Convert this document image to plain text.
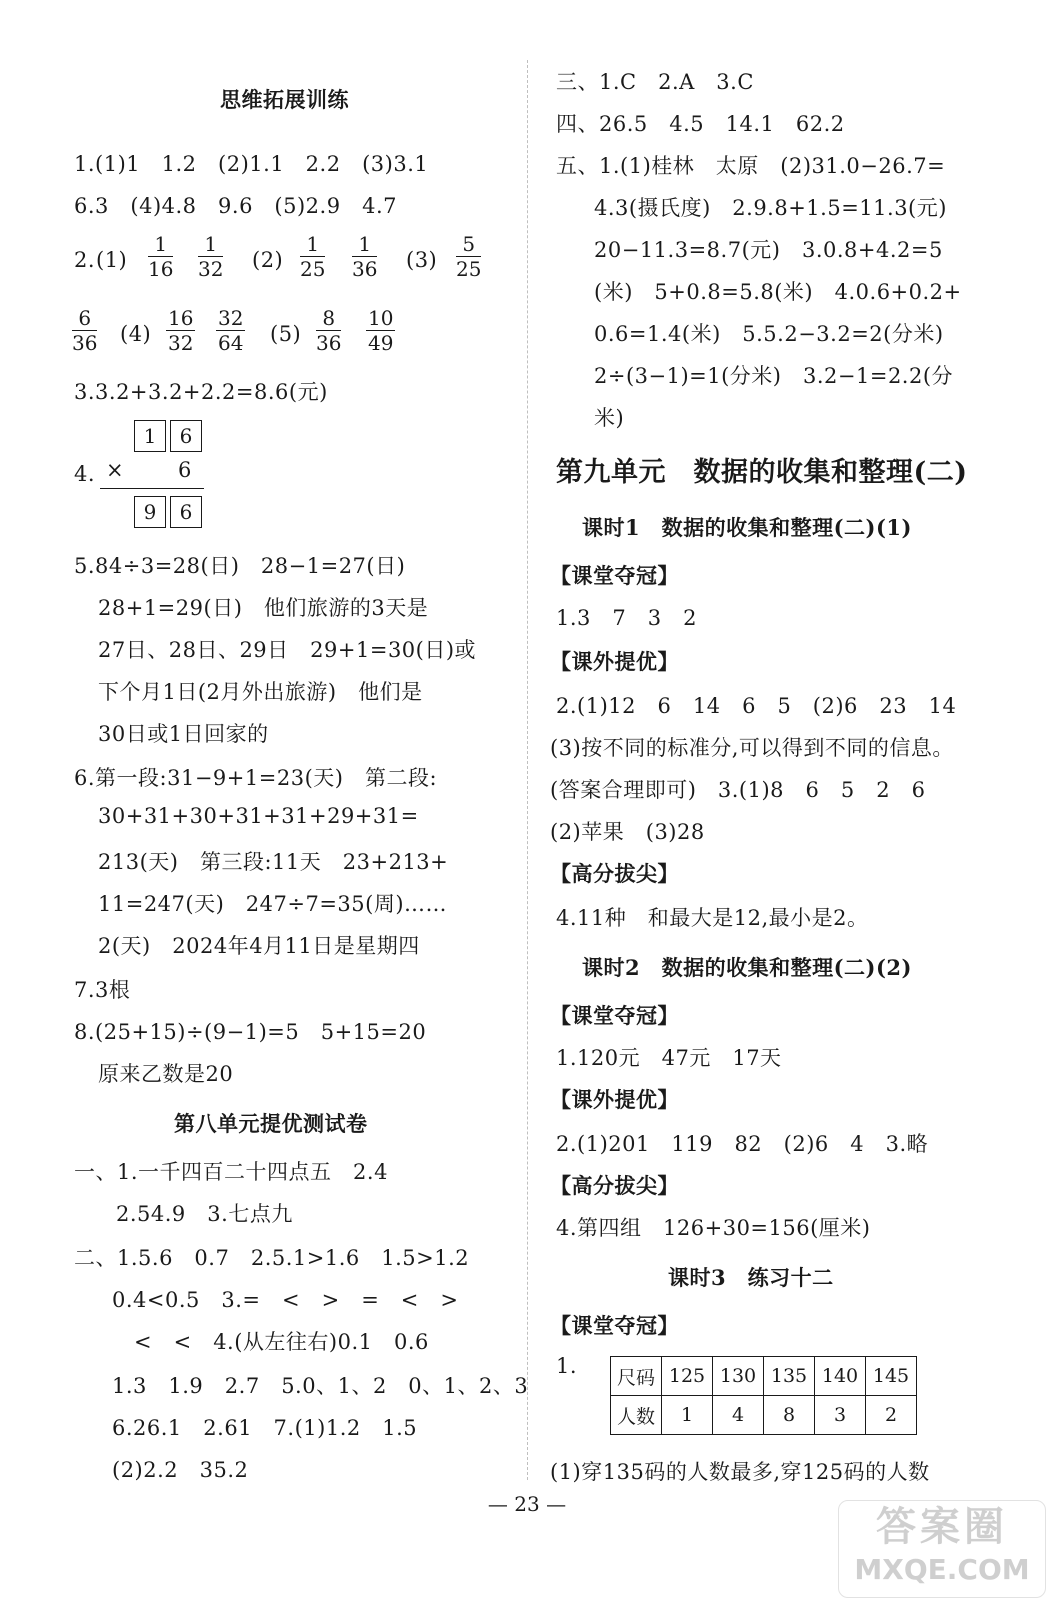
思维拓展训练
1.(1)1　1.2　(2)1.1　2.2　(3)3.1
6.3　(4)4.8　9.6　(5)2.9　4.7
2. $(1) \frac{1}{16} \frac{1}{32} (2) \frac{1}{25} \frac{1}{36} (3) \frac{5}{25}$
$\frac{6}{36} (4) \frac{16}{32} \frac{32}{64} (5) \frac{8}{36} \frac{10}{49}$
3.3.2+3.2+2.2=8.6(元)
1	6
4. ×	6
9	6
5.84÷3=28(日)　28−1=27(日)
28+1=29(日)　他们旅游的3天是
27日、28日、29日　29+1=30(日)或
下个月1日(2月外出旅游)　他们是
30日或1日回家的
6.第一段:31−9+1=23(天)　第二段:
30+31+30+31+31+29+31=
213(天)　第三段:11天　23+213+
11=247(天)　247÷7=35(周)……
2(天)　2024年4月11日是星期四
7.3根
8.(25+15)÷(9−1)=5　5+15=20
原来乙数是20
第八单元提优测试卷
一、1.一千四百二十四点五　2.4
2.54.9　3.七点九
二、1.5.6　0.7　2.5.1>1.6　1.5>1.2
0.4<0.5　3.=　<　>　=　<　>
<　<　4.(从左往右)0.1　0.6
1.3　1.9　2.7　5.0、1、2　0、1、2、3
6.26.1　2.61　7.(1)1.2　1.5
(2)2.2　35.2
三、1.C　2.A　3.C
四、26.5　4.5　14.1　62.2
五、1.(1)桂林　太原　(2)31.0−26.7=
4.3(摄氏度)　2.9.8+1.5=11.3(元)
20−11.3=8.7(元)　3.0.8+4.2=5
(米)　5+0.8=5.8(米)　4.0.6+0.2+
0.6=1.4(米)　5.5.2−3.2=2(分米)
2÷(3−1)=1(分米)　3.2−1=2.2(分
米)
第九单元　数据的收集和整理(二)
课时1　数据的收集和整理(二)(1)
【课堂夺冠】
1.3　7　3　2
【课外提优】
2.(1)12　6　14　6　5　(2)6　23　14
(3)按不同的标准分,可以得到不同的信息。
(答案合理即可)　3.(1)8　6　5　2　6
(2)苹果　(3)28
【高分拔尖】
4.11种　和最大是12,最小是2。
课时2　数据的收集和整理(二)(2)
【课堂夺冠】
1.120元　47元　17天
【课外提优】
2.(1)201　119　82　(2)6　4　3.略
【高分拔尖】
4.第四组　126+30=156(厘米)
课时3　练习十二
【课堂夺冠】
1. 尺码	125	130	135	140	145
人数	1	4	8	3	2
(1)穿135码的人数最多,穿125码的人数
— 23 —	答案圈
MXQE.COM
